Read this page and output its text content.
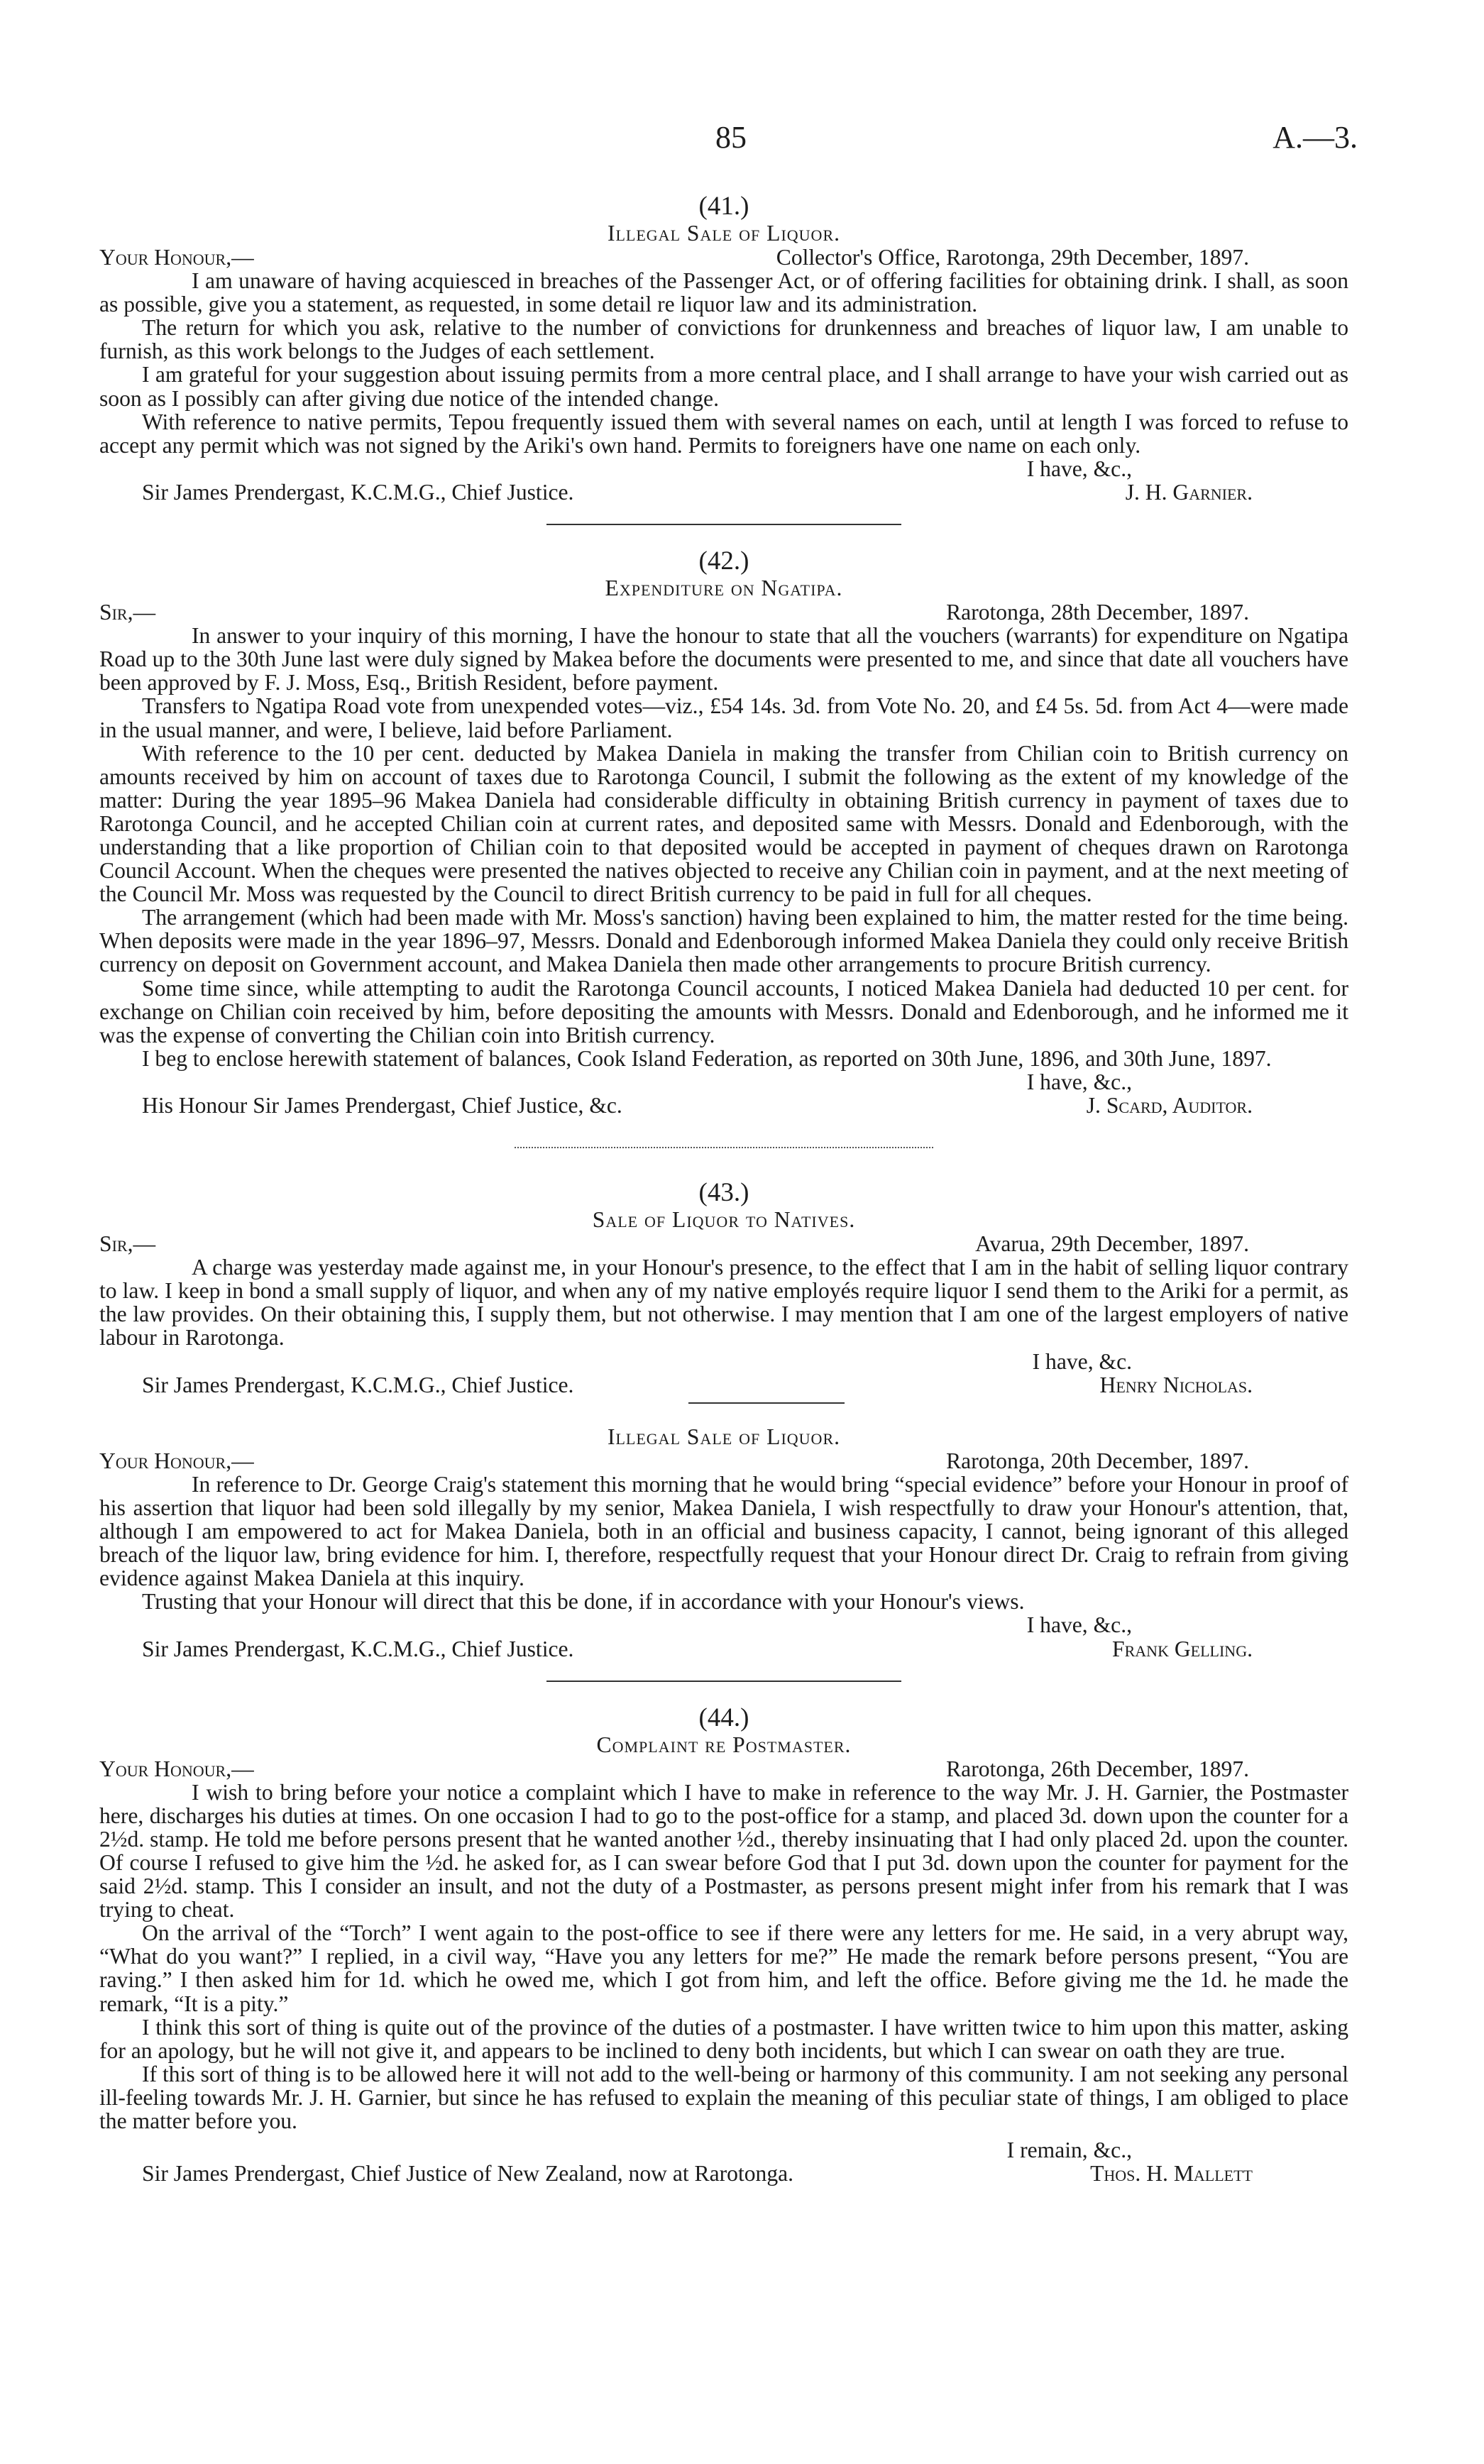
85	A.—3.

(41.)

Illegal Sale of Liquor.

Your Honour,—	Collector's Office, Rarotonga, 29th December, 1897.

I am unaware of having acquiesced in breaches of the Passenger Act, or of offering facilities for obtaining drink. I shall, as soon as possible, give you a statement, as requested, in some detail re liquor law and its administration.

The return for which you ask, relative to the number of convictions for drunkenness and breaches of liquor law, I am unable to furnish, as this work belongs to the Judges of each settlement.

I am grateful for your suggestion about issuing permits from a more central place, and I shall arrange to have your wish carried out as soon as I possibly can after giving due notice of the intended change.

With reference to native permits, Tepou frequently issued them with several names on each, until at length I was forced to refuse to accept any permit which was not signed by the Ariki's own hand. Permits to foreigners have one name on each only.

I have, &c.,

Sir James Prendergast, K.C.M.G., Chief Justice.	J. H. Garnier.

(42.)

Expenditure on Ngatipa.

Sir,—	Rarotonga, 28th December, 1897.

In answer to your inquiry of this morning, I have the honour to state that all the vouchers (warrants) for expenditure on Ngatipa Road up to the 30th June last were duly signed by Makea before the documents were presented to me, and since that date all vouchers have been approved by F. J. Moss, Esq., British Resident, before payment.

Transfers to Ngatipa Road vote from unexpended votes—viz., £54 14s. 3d. from Vote No. 20, and £4 5s. 5d. from Act 4—were made in the usual manner, and were, I believe, laid before Parliament.

With reference to the 10 per cent. deducted by Makea Daniela in making the transfer from Chilian coin to British currency on amounts received by him on account of taxes due to Rarotonga Council, I submit the following as the extent of my knowledge of the matter: During the year 1895–96 Makea Daniela had considerable difficulty in obtaining British currency in payment of taxes due to Rarotonga Council, and he accepted Chilian coin at current rates, and deposited same with Messrs. Donald and Edenborough, with the understanding that a like proportion of Chilian coin to that deposited would be accepted in payment of cheques drawn on Rarotonga Council Account. When the cheques were presented the natives objected to receive any Chilian coin in payment, and at the next meeting of the Council Mr. Moss was requested by the Council to direct British currency to be paid in full for all cheques.

The arrangement (which had been made with Mr. Moss's sanction) having been explained to him, the matter rested for the time being. When deposits were made in the year 1896–97, Messrs. Donald and Edenborough informed Makea Daniela they could only receive British currency on deposit on Government account, and Makea Daniela then made other arrangements to procure British currency.

Some time since, while attempting to audit the Rarotonga Council accounts, I noticed Makea Daniela had deducted 10 per cent. for exchange on Chilian coin received by him, before depositing the amounts with Messrs. Donald and Edenborough, and he informed me it was the expense of converting the Chilian coin into British currency.

I beg to enclose herewith statement of balances, Cook Island Federation, as reported on 30th June, 1896, and 30th June, 1897.

I have, &c.,

His Honour Sir James Prendergast, Chief Justice, &c.	J. Scard, Auditor.

(43.)

Sale of Liquor to Natives.

Sir,—	Avarua, 29th December, 1897.

A charge was yesterday made against me, in your Honour's presence, to the effect that I am in the habit of selling liquor contrary to law. I keep in bond a small supply of liquor, and when any of my native employés require liquor I send them to the Ariki for a permit, as the law provides. On their obtaining this, I supply them, but not otherwise. I may mention that I am one of the largest employers of native labour in Rarotonga.

I have, &c.

Sir James Prendergast, K.C.M.G., Chief Justice.	Henry Nicholas.

Illegal Sale of Liquor.

Your Honour,—	Rarotonga, 20th December, 1897.

In reference to Dr. George Craig's statement this morning that he would bring “special evidence” before your Honour in proof of his assertion that liquor had been sold illegally by my senior, Makea Daniela, I wish respectfully to draw your Honour's attention, that, although I am empowered to act for Makea Daniela, both in an official and business capacity, I cannot, being ignorant of this alleged breach of the liquor law, bring evidence for him. I, therefore, respectfully request that your Honour direct Dr. Craig to refrain from giving evidence against Makea Daniela at this inquiry.

Trusting that your Honour will direct that this be done, if in accordance with your Honour's views.

I have, &c.,

Sir James Prendergast, K.C.M.G., Chief Justice.	Frank Gelling.

(44.)

Complaint re Postmaster.

Your Honour,—	Rarotonga, 26th December, 1897.

I wish to bring before your notice a complaint which I have to make in reference to the way Mr. J. H. Garnier, the Postmaster here, discharges his duties at times. On one occasion I had to go to the post-office for a stamp, and placed 3d. down upon the counter for a 2½d. stamp. He told me before persons present that he wanted another ½d., thereby insinuating that I had only placed 2d. upon the counter. Of course I refused to give him the ½d. he asked for, as I can swear before God that I put 3d. down upon the counter for payment for the said 2½d. stamp. This I consider an insult, and not the duty of a Postmaster, as persons present might infer from his remark that I was trying to cheat.

On the arrival of the “Torch” I went again to the post-office to see if there were any letters for me. He said, in a very abrupt way, “What do you want?” I replied, in a civil way, “Have you any letters for me?” He made the remark before persons present, “You are raving.” I then asked him for 1d. which he owed me, which I got from him, and left the office. Before giving me the 1d. he made the remark, “It is a pity.”

I think this sort of thing is quite out of the province of the duties of a postmaster. I have written twice to him upon this matter, asking for an apology, but he will not give it, and appears to be inclined to deny both incidents, but which I can swear on oath they are true.

If this sort of thing is to be allowed here it will not add to the well-being or harmony of this community. I am not seeking any personal ill-feeling towards Mr. J. H. Garnier, but since he has refused to explain the meaning of this peculiar state of things, I am obliged to place the matter before you.

I remain, &c.,

Sir James Prendergast, Chief Justice of New Zealand, now at Rarotonga.	Thos. H. Mallett
